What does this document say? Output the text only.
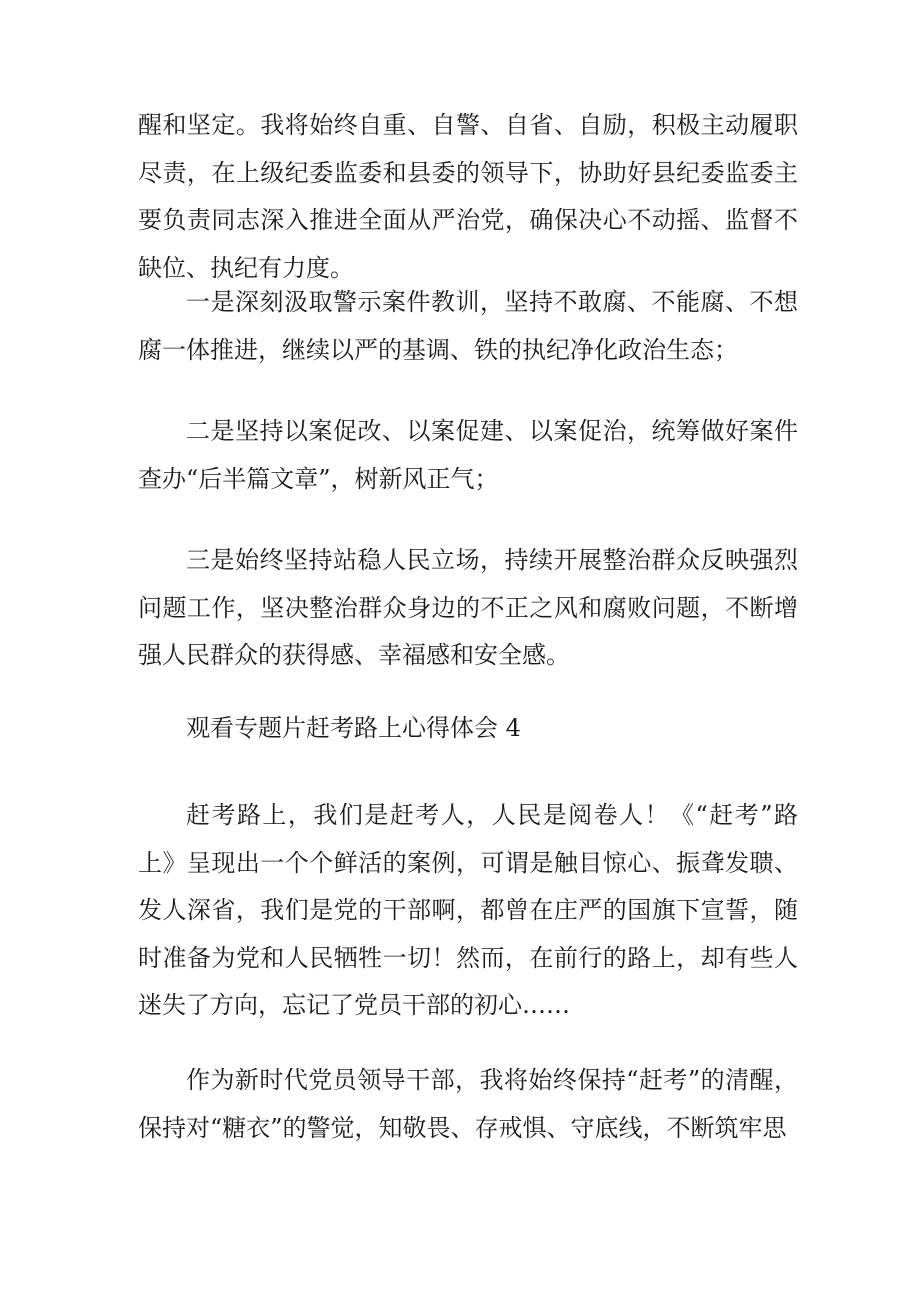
醒和坚定。我将始终自重、自警、自省、自励，积极主动履职尽责，在上级纪委监委和县委的领导下，协助好县纪委监委主要负责同志深入推进全面从严治党，确保决心不动摇、监督不缺位、执纪有力度。

一是深刻汲取警示案件教训，坚持不敢腐、不能腐、不想腐一体推进，继续以严的基调、铁的执纪净化政治生态；

二是坚持以案促改、以案促建、以案促治，统筹做好案件查办“后半篇文章”，树新风正气；

三是始终坚持站稳人民立场，持续开展整治群众反映强烈问题工作，坚决整治群众身边的不正之风和腐败问题，不断增强人民群众的获得感、幸福感和安全感。

观看专题片赶考路上心得体会 4

赶考路上，我们是赶考人，人民是阅卷人！《“赶考”路上》呈现出一个个鲜活的案例，可谓是触目惊心、振聋发聩、发人深省，我们是党的干部啊，都曾在庄严的国旗下宣誓，随时准备为党和人民牺牲一切！然而，在前行的路上，却有些人迷失了方向，忘记了党员干部的初心……

作为新时代党员领导干部，我将始终保持“赶考”的清醒，保持对“糖衣”的警觉，知敬畏、存戒惧、守底线，不断筑牢思
